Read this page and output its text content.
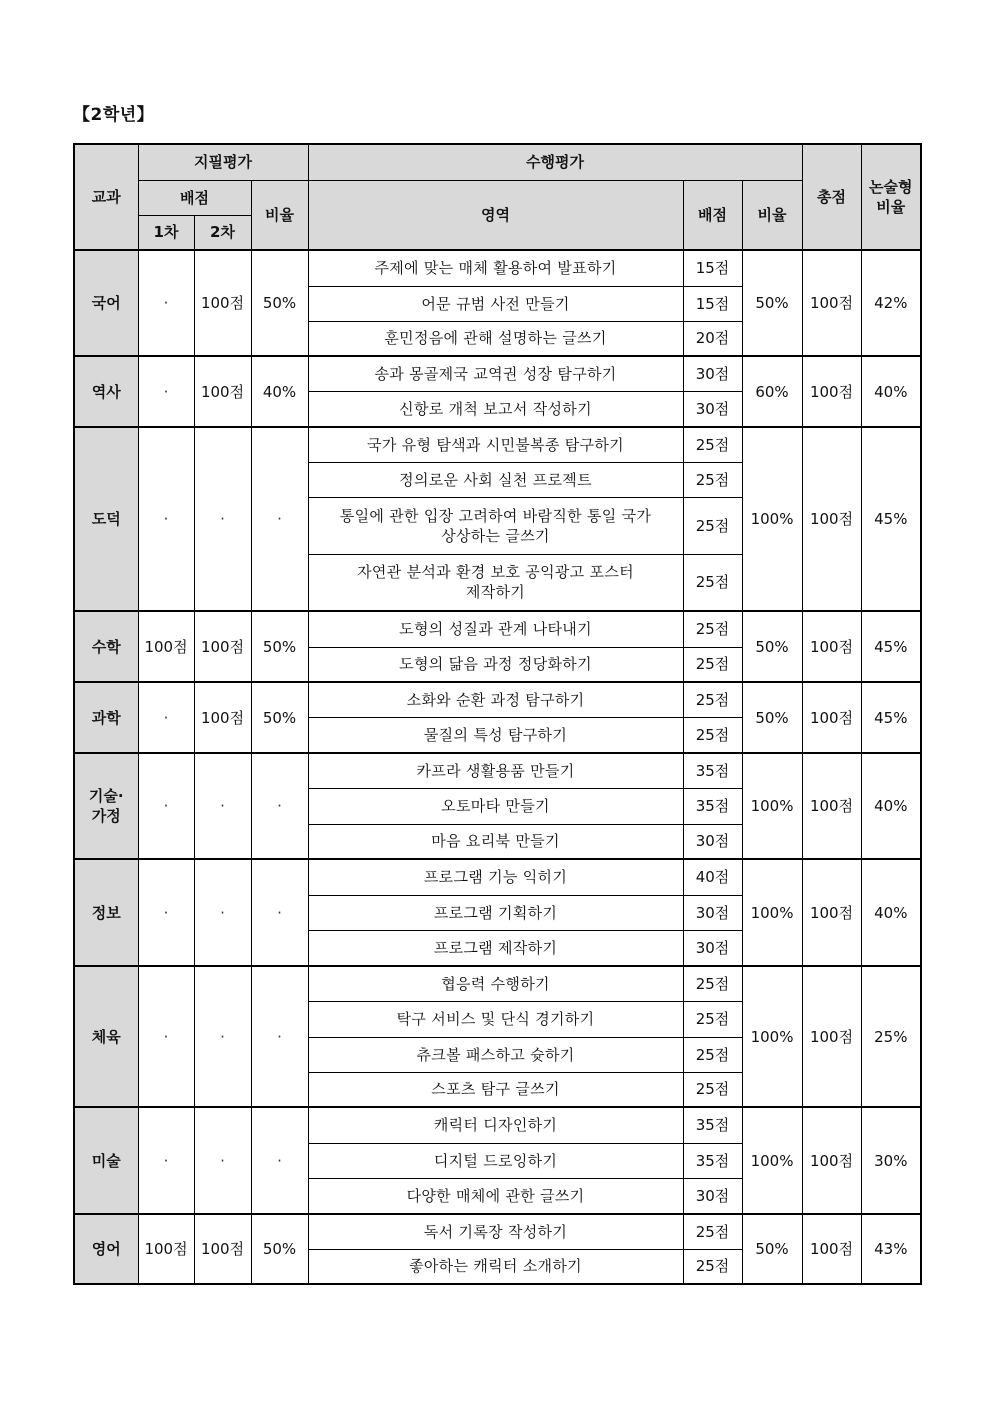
【2학년】
교과	지필평가			수행평가			총점	논술형
비율

	배점		비율	영역	배점	비율		
	1차	2차						
국어	·	100점	50%	주제에 맞는 매체 활용하여 발표하기	15점	50%	100점	42%
				어문 규범 사전 만들기	15점			
				훈민정음에 관해 설명하는 글쓰기	20점			
역사	·	100점	40%	송과 몽골제국 교역권 성장 탐구하기	30점	60%	100점	40%
				신항로 개척 보고서 작성하기	30점			
도덕	·	·	·	국가 유형 탐색과 시민불복종 탐구하기	25점	100%	100점	45%
				정의로운 사회 실천 프로젝트	25점			

				통일에 관한 입장 고려하여 바람직한 통일 국가
상상하는 글쓰기	25점			

				자연관 분석과 환경 보호 공익광고 포스터
제작하기	25점			
수학	100점	100점	50%	도형의 성질과 관계 나타내기	25점	50%	100점	45%
				도형의 닮음 과정 정당화하기	25점			
과학	·	100점	50%	소화와 순환 과정 탐구하기	25점	50%	100점	45%
				물질의 특성 탐구하기	25점			

기술·
가정	·	·	·	카프라 생활용품 만들기	35점	100%	100점	40%
				오토마타 만들기	35점			
				마음 요리북 만들기	30점			
정보	·	·	·	프로그램 기능 익히기	40점	100%	100점	40%
				프로그램 기획하기	30점			
				프로그램 제작하기	30점			
체육	·	·	·	협응력 수행하기	25점	100%	100점	25%
				탁구 서비스 및 단식 경기하기	25점			
				츄크볼 패스하고 슛하기	25점			
				스포츠 탐구 글쓰기	25점			
미술	·	·	·	캐릭터 디자인하기	35점	100%	100점	30%
				디지털 드로잉하기	35점			
				다양한 매체에 관한 글쓰기	30점			
영어	100점	100점	50%	독서 기록장 작성하기	25점	50%	100점	43%
				좋아하는 캐릭터 소개하기	25점			
